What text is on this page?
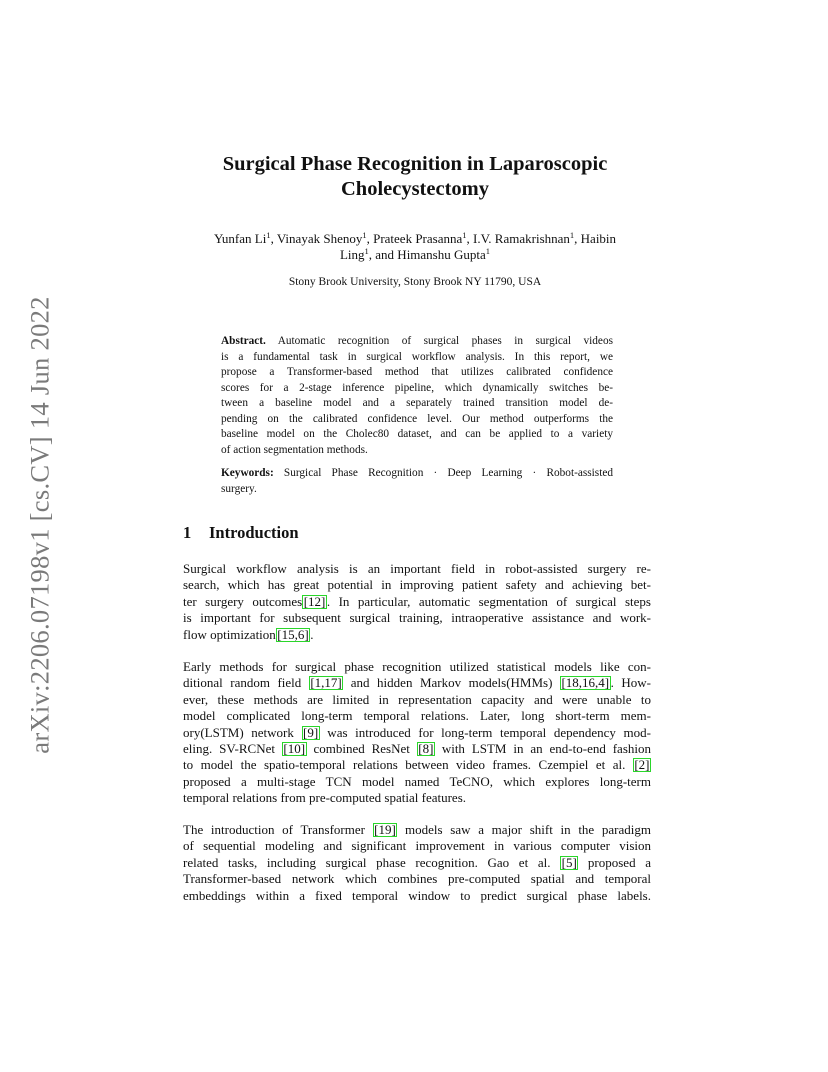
arXiv:2206.07198v1 [cs.CV] 14 Jun 2022
Surgical Phase Recognition in Laparoscopic
Cholecystectomy
Yunfan Li$^1$, Vinayak Shenoy$^1$, Prateek Prasanna$^1$, I.V. Ramakrishnan$^1$, Haibin
Ling$^1$, and Himanshu Gupta$^1$
Stony Brook University, Stony Brook NY 11790, USA
Abstract. Automatic recognition of surgical phases in surgical videos
is a fundamental task in surgical workflow analysis. In this report, we
propose a Transformer-based method that utilizes calibrated confidence
scores for a 2-stage inference pipeline, which dynamically switches be-
tween a baseline model and a separately trained transition model de-
pending on the calibrated confidence level. Our method outperforms the
baseline model on the Cholec80 dataset, and can be applied to a variety
of action segmentation methods.
Keywords: Surgical Phase Recognition · Deep Learning · Robot-assisted
surgery.
1 Introduction
Surgical workflow analysis is an important field in robot-assisted surgery re-
search, which has great potential in improving patient safety and achieving bet-
ter surgery outcomes [12] . In particular, automatic segmentation of surgical steps
is important for subsequent surgical training, intraoperative assistance and work-
flow optimization [15,6] .
Early methods for surgical phase recognition utilized statistical models like con-
ditional random field [1,17] and hidden Markov models(HMMs) [18,16,4] . How-
ever, these methods are limited in representation capacity and were unable to
model complicated long-term temporal relations. Later, long short-term mem-
ory(LSTM) network [9] was introduced for long-term temporal dependency mod-
eling. SV-RCNet [10] combined ResNet [8] with LSTM in an end-to-end fashion
to model the spatio-temporal relations between video frames. Czempiel et al. [2]
proposed a multi-stage TCN model named TeCNO, which explores long-term
temporal relations from pre-computed spatial features.
The introduction of Transformer [19] models saw a major shift in the paradigm
of sequential modeling and significant improvement in various computer vision
related tasks, including surgical phase recognition. Gao et al. [5] proposed a
Transformer-based network which combines pre-computed spatial and temporal
embeddings within a fixed temporal window to predict surgical phase labels.
